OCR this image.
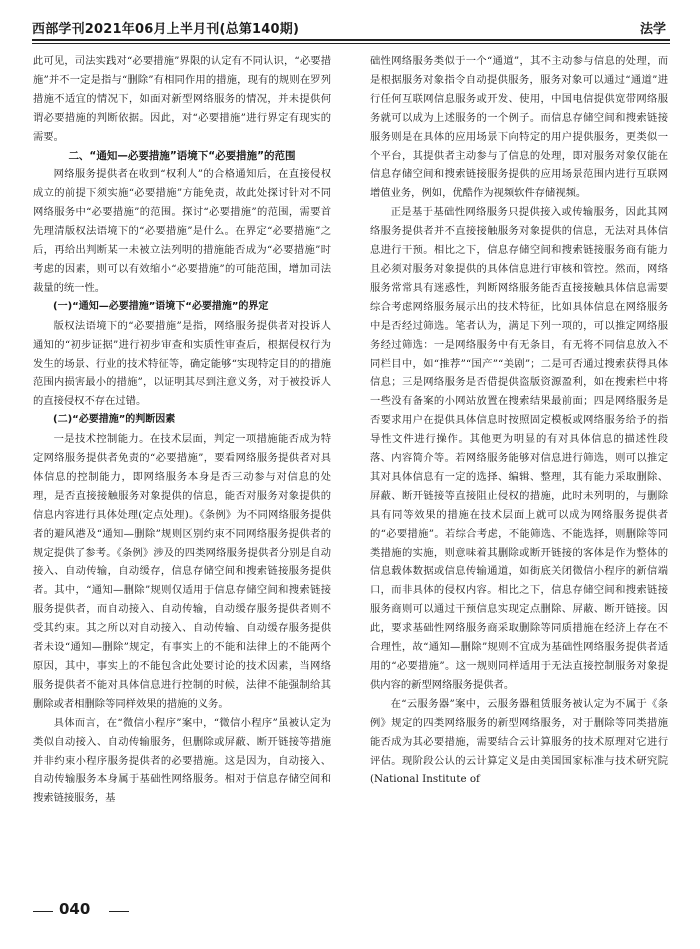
西部学刊2021年06月上半月刊(总第140期)	法学

此可见，司法实践对“必要措施”界限的认定有不同认识，“必要措施”并不一定是指与“删除”有相同作用的措施，现有的规则在罗列措施不适宜的情况下，如面对新型网络服务的情况，并未提供何谓必要措施的判断依据。因此，对“必要措施”进行界定有现实的需要。

二、“通知—必要措施”语境下“必要措施”的范围

网络服务提供者在收到“权利人”的合格通知后，在直接侵权成立的前提下须实施“必要措施”方能免责，故此处探讨针对不同网络服务中“必要措施”的范围。探讨“必要措施”的范围，需要首先理清版权法语境下的“必要措施”是什么。在界定“必要措施”之后，再给出判断某一未被立法列明的措施能否成为“必要措施”时考虑的因素，则可以有效缩小“必要措施”的可能范围，增加司法裁量的统一性。

(一)“通知—必要措施”语境下“必要措施”的界定

版权法语境下的“必要措施”是指，网络服务提供者对投诉人通知的“初步证据”进行初步审查和实质性审查后，根据侵权行为发生的场景、行业的技术特征等，确定能够“实现特定目的的措施范围内损害最小的措施”，以证明其尽到注意义务，对于被投诉人的直接侵权不存在过错。

(二)“必要措施”的判断因素

一是技术控制能力。在技术层面，判定一项措施能否成为特定网络服务提供者免责的“必要措施”，要看网络服务提供者对具体信息的控制能力，即网络服务本身是否三动参与对信息的处理，是否直接接触服务对象提供的信息，能否对服务对象提供的信息内容进行具体处理(定点处理)。《条例》为不同网络服务提供者的避风港及“通知—删除”规则区别约束不同网络服务提供者的规定提供了参考。《条例》涉及的四类网络服务提供者分别是自动接入、自动传输，自动缓存，信息存储空间和搜索链接服务提供者。其中，“通知—删除”规则仅适用于信息存储空间和搜索链接服务提供者，而自动接入、自动传输，自动缓存服务提供者则不受其约束。其之所以对自动接入、自动传输、自动缓存服务提供者未设“通知—删除”规定，有事实上的不能和法律上的不能两个原因，其中，事实上的不能包含此处要讨论的技术因素，当网络服务提供者不能对具体信息进行控制的时候，法律不能强制给其删除或者相删除等同样效果的措施的义务。

具体而言，在“微信小程序”案中，“微信小程序”虽被认定为类似自动接入、自动传输服务，但删除或屏蔽、断开链接等措施并非约束小程序服务提供者的必要措施。这是因为，自动接入、自动传输服务本身属于基础性网络服务。相对于信息存储空间和搜索链接服务，基

础性网络服务类似于一个“通道”，其不主动参与信息的处理，而是根据服务对象指令自动提供服务，服务对象可以通过“通道”进行任何互联网信息服务或开发、使用，中国电信提供宽带网络服务就可以成为上述服务的一个例子。而信息存储空间和搜索链接服务则是在具体的应用场景下向特定的用户提供服务，更类似一个平台，其提供者主动参与了信息的处理，即对服务对象仅能在信息存储空间和搜索链接服务提供的应用场景范围内进行互联网增值业务，例如，优酷作为视频软件存储视频。

正是基于基础性网络服务只提供接入或传输服务，因此其网络服务提供者并不直接接触服务对象提供的信息，无法对具体信息进行干预。相比之下，信息存储空间和搜索链接服务商有能力且必须对服务对象提供的具体信息进行审核和管控。然而，网络服务常常具有迷惑性，判断网络服务能否直接接触具体信息需要综合考虑网络服务展示出的技术特征，比如具体信息在网络服务中是否经过筛选。笔者认为，满足下列一项的，可以推定网络服务经过筛选：一是网络服务中有无条目，有无将不同信息放入不同栏目中，如“推荐”“国产”“美剧”；二是可否通过搜索获得具体信息；三是网络服务是否借提供盗版资源盈利，如在搜索栏中将一些没有备案的小网站放置在搜索结果最前面；四是网络服务是否要求用户在提供具体信息时按照固定模板或网络服务给予的指导性文件进行操作。其他更为明显的有对具体信息的描述性段落、内容简介等。若网络服务能够对信息进行筛选，则可以推定其对具体信息有一定的选择、编辑、整理，其有能力采取删除、屏蔽、断开链接等直接阻止侵权的措施，此时未列明的，与删除具有同等效果的措施在技术层面上就可以成为网络服务提供者的“必要措施”。若综合考虑，不能筛选、不能选择，则删除等同类措施的实施，则意味着其删除或断开链接的客体是作为整体的信息载体数据或信息传输通道，如街底关闭微信小程序的新信端口，而非具体的侵权内容。相比之下，信息存储空间和搜索链接服务商则可以通过干预信息实现定点删除、屏蔽、断开链接。因此，要求基础性网络服务商采取删除等同质措施在经济上存在不合理性，故“通知—删除”规则不宜成为基础性网络服务提供者适用的“必要措施”。这一规则同样适用于无法直接控制服务对象提供内容的新型网络服务提供者。

在“云服务器”案中，云服务器租赁服务被认定为不属于《条例》规定的四类网络服务的新型网络服务，对于删除等同类措施能否成为其必要措施，需要结合云计算服务的技术原理对它进行评估。现阶段公认的云计算定义是由美国国家标准与技术研究院(National Institute of

040
